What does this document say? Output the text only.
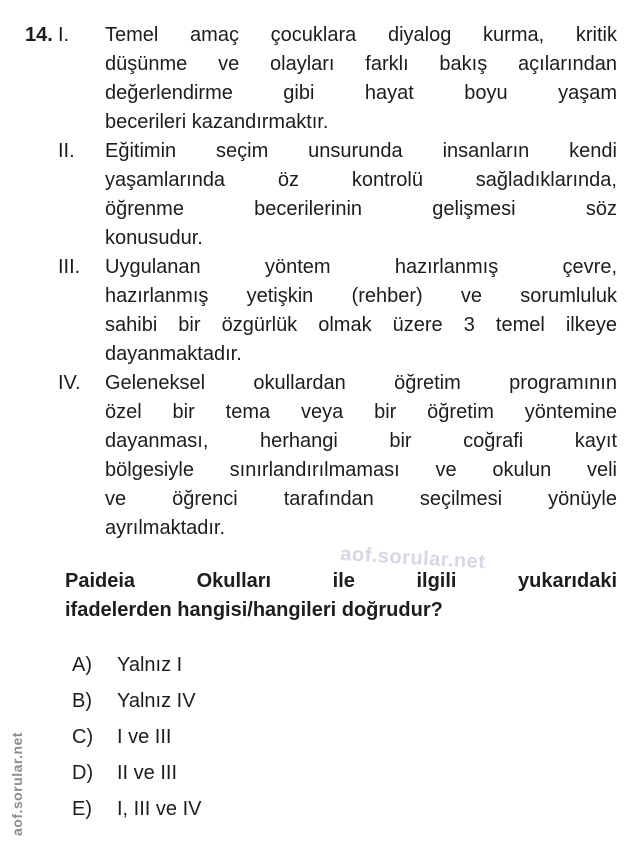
14. I.	Temel amaç çocuklara diyalog kurma, kritik
düşünme ve olayları farklı bakış açılarından
değerlendirme gibi hayat boyu yaşam
becerileri kazandırmaktır.
II.	Eğitimin seçim unsurunda insanların kendi
yaşamlarında öz kontrolü sağladıklarında,
öğrenme becerilerinin gelişmesi söz
konusudur.
III.	Uygulanan yöntem hazırlanmış çevre,
hazırlanmış yetişkin (rehber) ve sorumluluk
sahibi bir özgürlük olmak üzere 3 temel ilkeye
dayanmaktadır.
IV.	Geleneksel okullardan öğretim programının
özel bir tema veya bir öğretim yöntemine
dayanması, herhangi bir coğrafi kayıt
bölgesiyle sınırlandırılmaması ve okulun veli
ve öğrenci tarafından seçilmesi yönüyle
ayrılmaktadır.
Paideia Okulları ile ilgili yukarıdaki
ifadelerden hangisi/hangileri doğrudur?
A)	Yalnız I
B)	Yalnız IV
C)	I ve III
D)	II ve III
E)	I, III ve IV
aof.sorular.net
aof.sorular.net
